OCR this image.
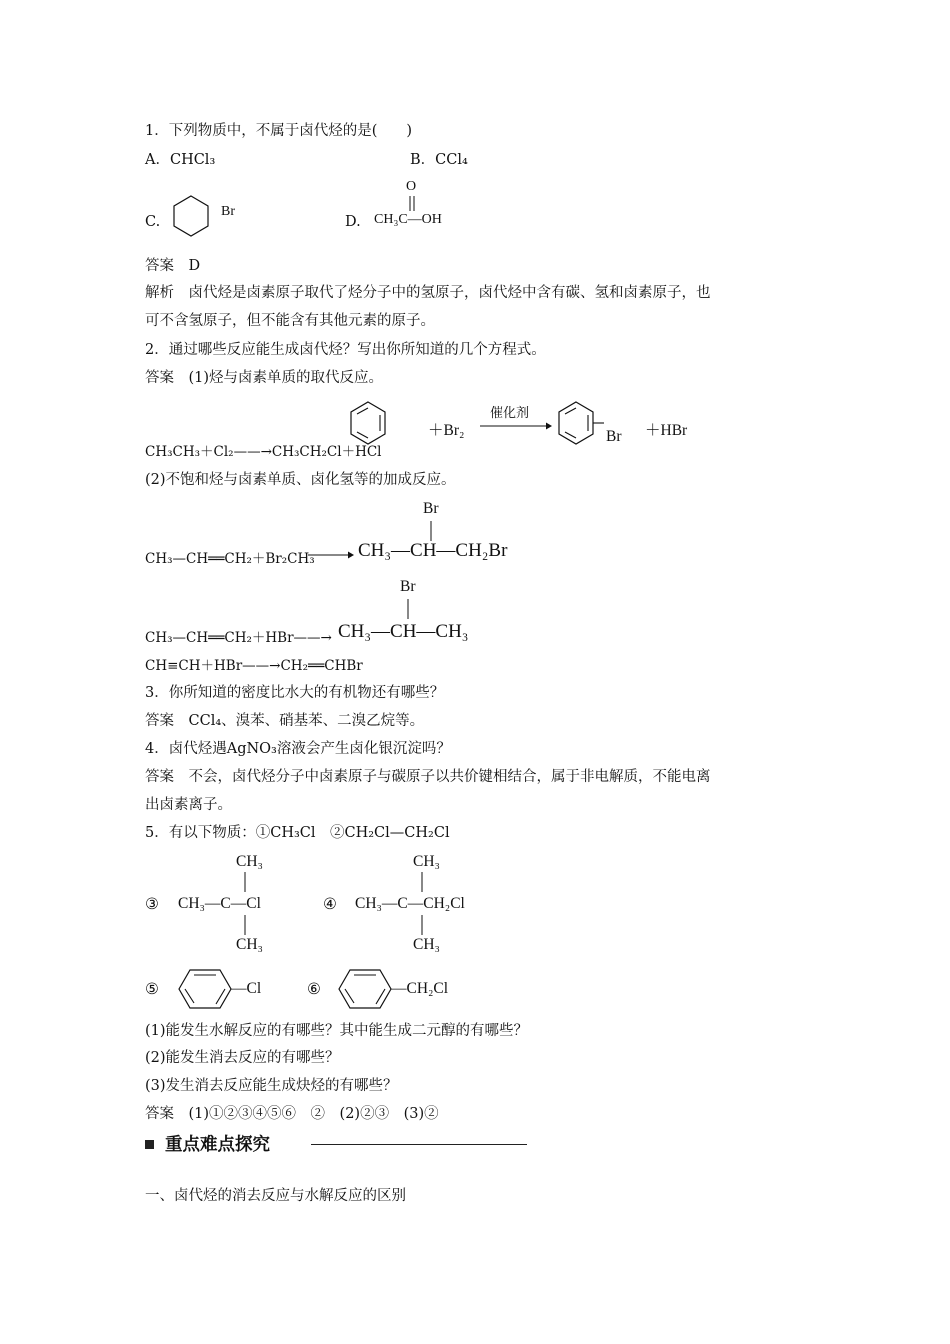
1．下列物质中，不属于卤代烃的是(　　)
A．CHCl₃	B．CCl₄
C.
Br
D.
O
CH₃C—OH
答案　D
解析　卤代烃是卤素原子取代了烃分子中的氢原子，卤代烃中含有碳、氢和卤素原子，也
可不含氢原子，但不能含有其他元素的原子。
2．通过哪些反应能生成卤代烃？写出你所知道的几个方程式。
答案　(1)烃与卤素单质的取代反应。
＋Br₂
催化剂
Br ＋HBr
CH₃CH₃＋Cl₂——→CH₃CH₂Cl＋HCl
(2)不饱和烃与卤素单质、卤化氢等的加成反应。
Br
CH₃—CH══CH₂＋Br₂CH₃ CH₃—CH—CH₂Br
Br
CH₃—CH══CH₂＋HBr——→ CH₃—CH—CH₃
CH≡CH＋HBr——→CH₂══CHBr
3．你所知道的密度比水大的有机物还有哪些？
答案　CCl₄、溴苯、硝基苯、二溴乙烷等。
4．卤代烃遇AgNO₃溶液会产生卤化银沉淀吗？
答案　不会，卤代烃分子中卤素原子与碳原子以共价键相结合，属于非电解质，不能电离
出卤素离子。
5．有以下物质：①CH₃Cl　②CH₂Cl—CH₂Cl
③
CH₃
CH₃—C—Cl
CH₃
④
CH₃
CH₃—C—CH₂Cl
CH₃
⑤	—Cl	⑥	—CH₂Cl
(1)能发生水解反应的有哪些？其中能生成二元醇的有哪些？
(2)能发生消去反应的有哪些？
(3)发生消去反应能生成炔烃的有哪些？
答案　(1)①②③④⑤⑥　②　(2)②③　(3)②
重点难点探究
一、卤代烃的消去反应与水解反应的区别
